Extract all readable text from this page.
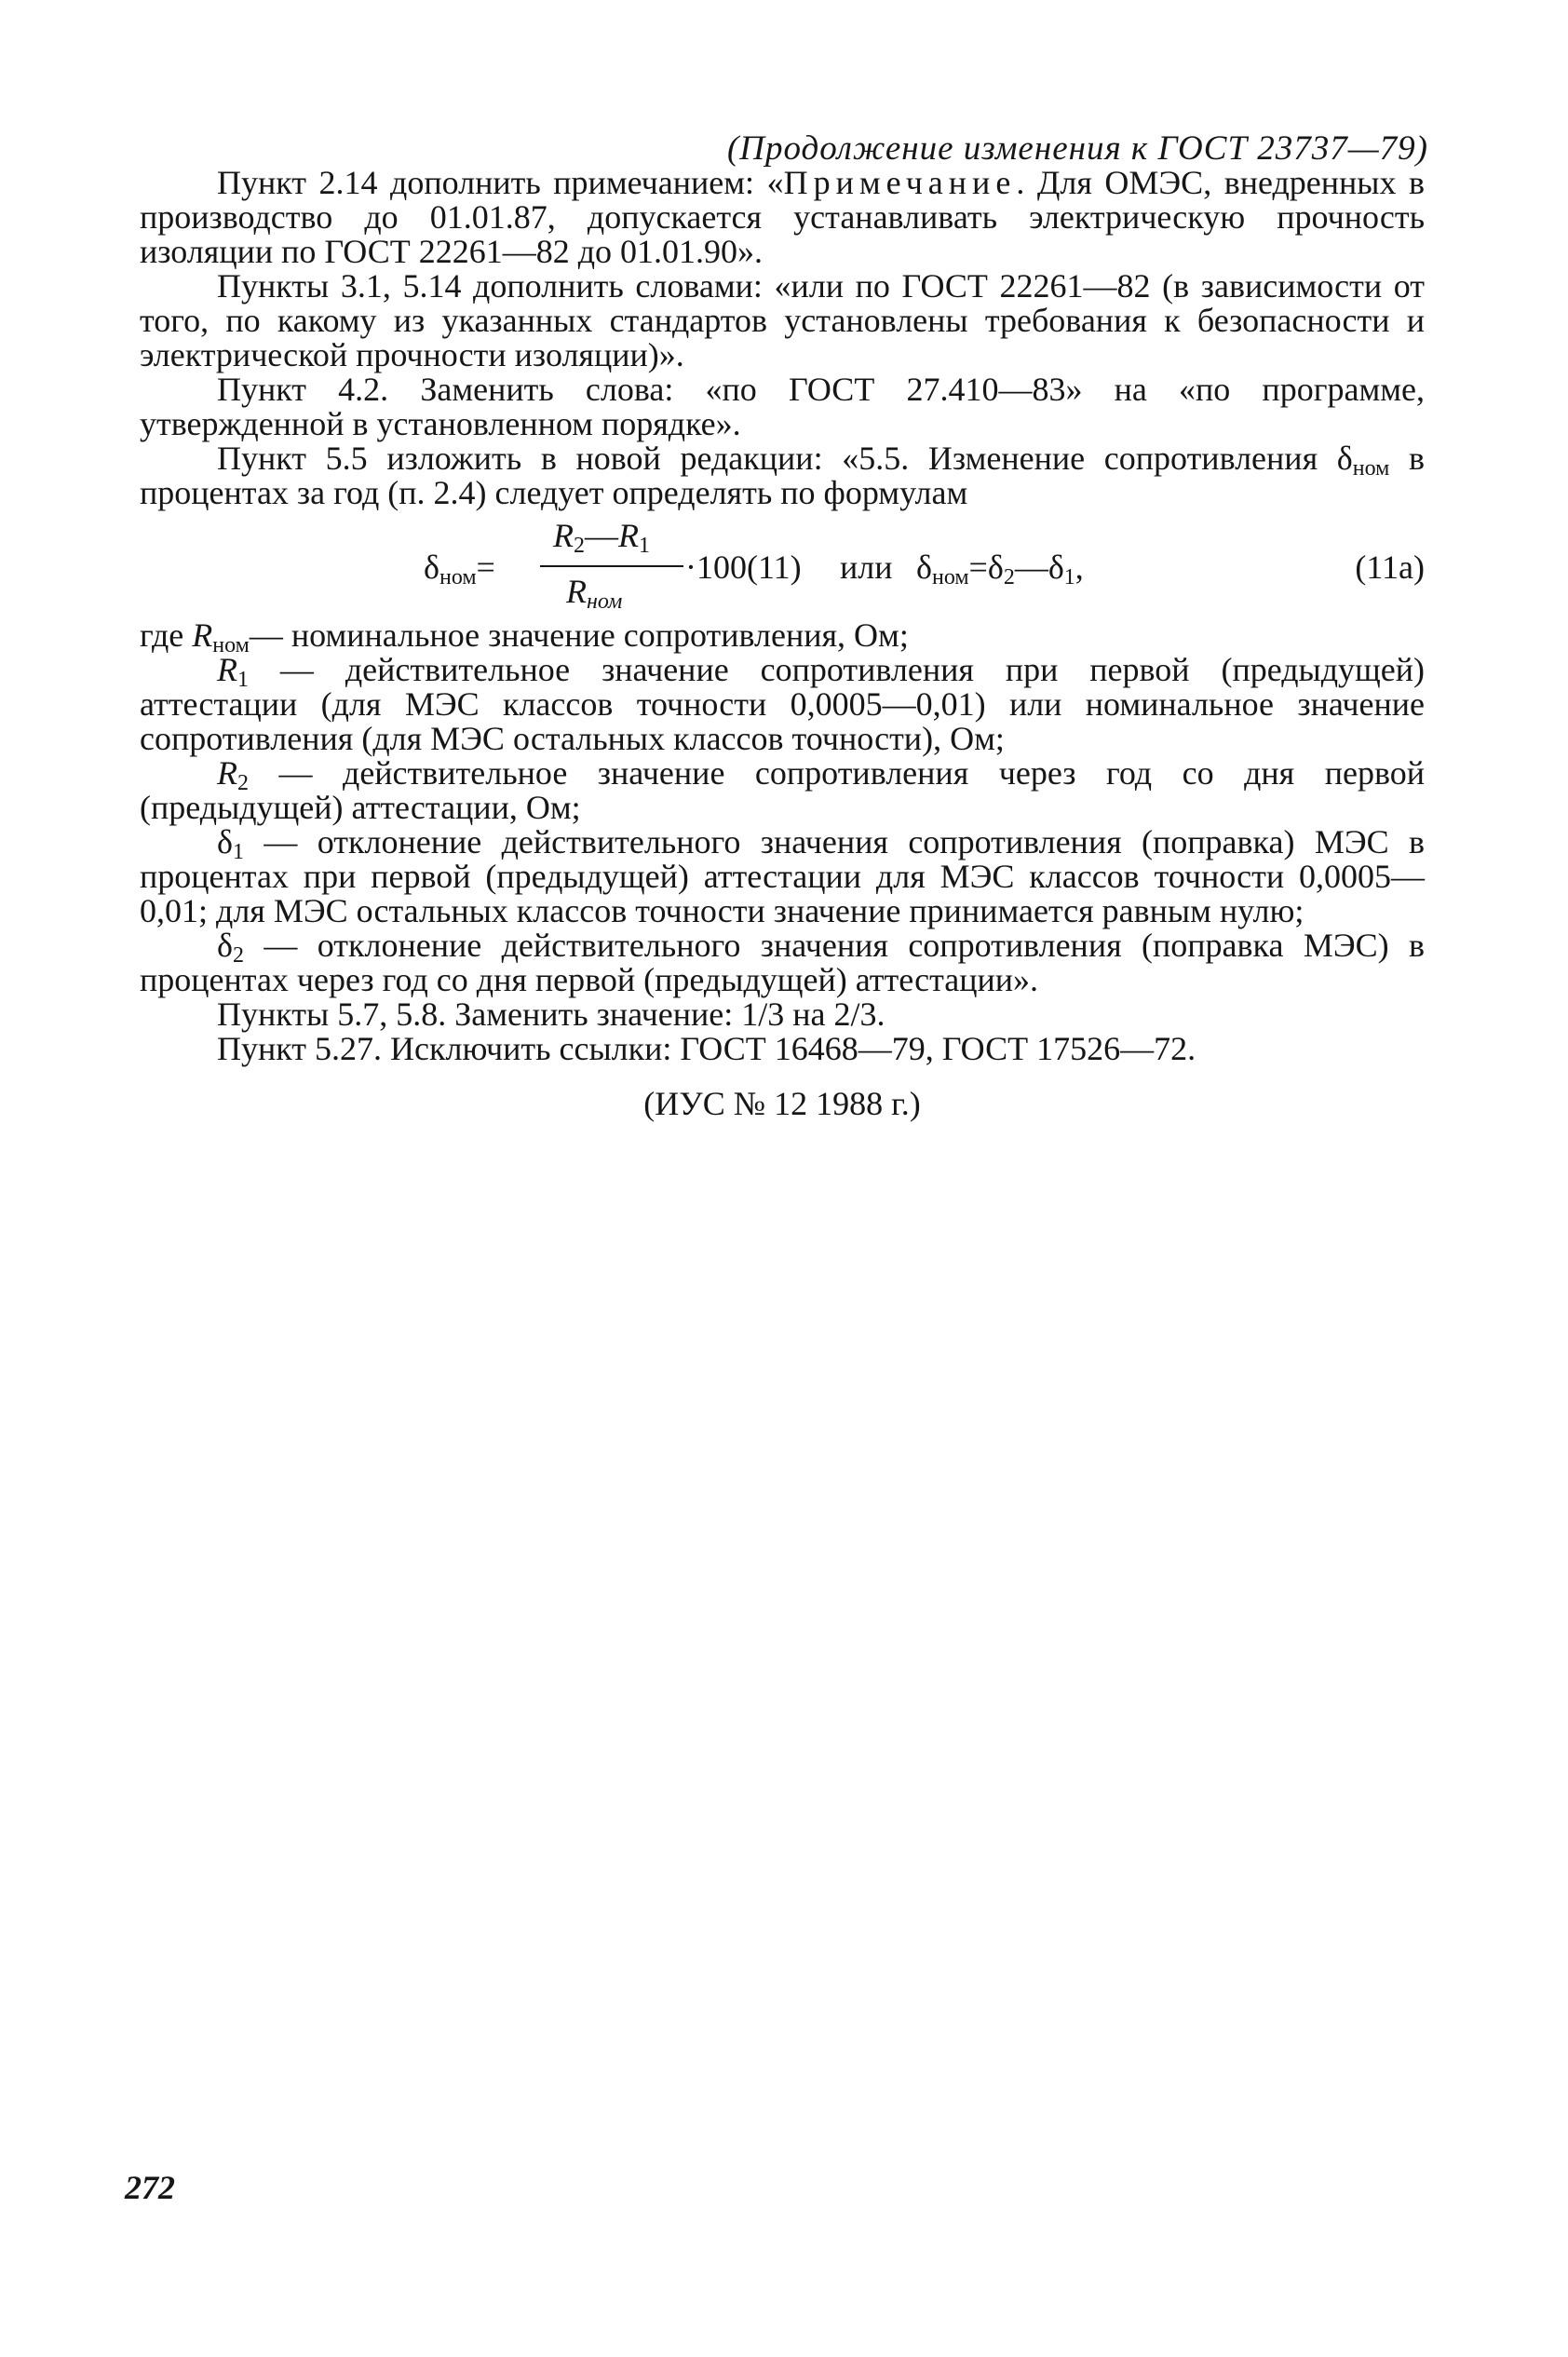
(Продолжение изменения к ГОСТ 23737—79)

Пункт 2.14 дополнить примечанием: «Примечание. Для ОМЭС, внедренных в производство до 01.01.87, допускается устанавливать электрическую прочность изоляции по ГОСТ 22261—82 до 01.01.90».

Пункты 3.1, 5.14 дополнить словами: «или по ГОСТ 22261—82 (в зависимости от того, по какому из указанных стандартов установлены требования к безопасности и электрической прочности изоляции)».

Пункт 4.2. Заменить слова: «по ГОСТ 27.410—83» на «по программе, утвержденной в установленном порядке».

Пункт 5.5 изложить в новой редакции: «5.5. Изменение сопротивления $\delta_{ном}$ в процентах за год (п. 2.4) следует определять по формулам

$\delta_{ном}=$
$R_2—R_1$
$R_{ном}$
·100(11) или $\delta_{ном}=\delta_2—\delta_1$,	(11а)

где $R_{ном}—$ номинальное значение сопротивления, Ом;

$R_1$ — действительное значение сопротивления при первой (предыдущей) аттестации (для МЭС классов точности 0,0005—0,01) или номинальное значение сопротивления (для МЭС остальных классов точности), Ом;

$R_2$ — действительное значение сопротивления через год со дня первой (предыдущей) аттестации, Ом;

$\delta_1$ — отклонение действительного значения сопротивления (поправка) МЭС в процентах при первой (предыдущей) аттестации для МЭС классов точности 0,0005—0,01; для МЭС остальных классов точности значение принимается равным нулю;

$\delta_2$ — отклонение действительного значения сопротивления (поправка МЭС) в процентах через год со дня первой (предыдущей) аттестации».

Пункты 5.7, 5.8. Заменить значение: 1/3 на 2/3.

Пункт 5.27. Исключить ссылки: ГОСТ 16468—79, ГОСТ 17526—72.

(ИУС № 12 1988 г.)

272
